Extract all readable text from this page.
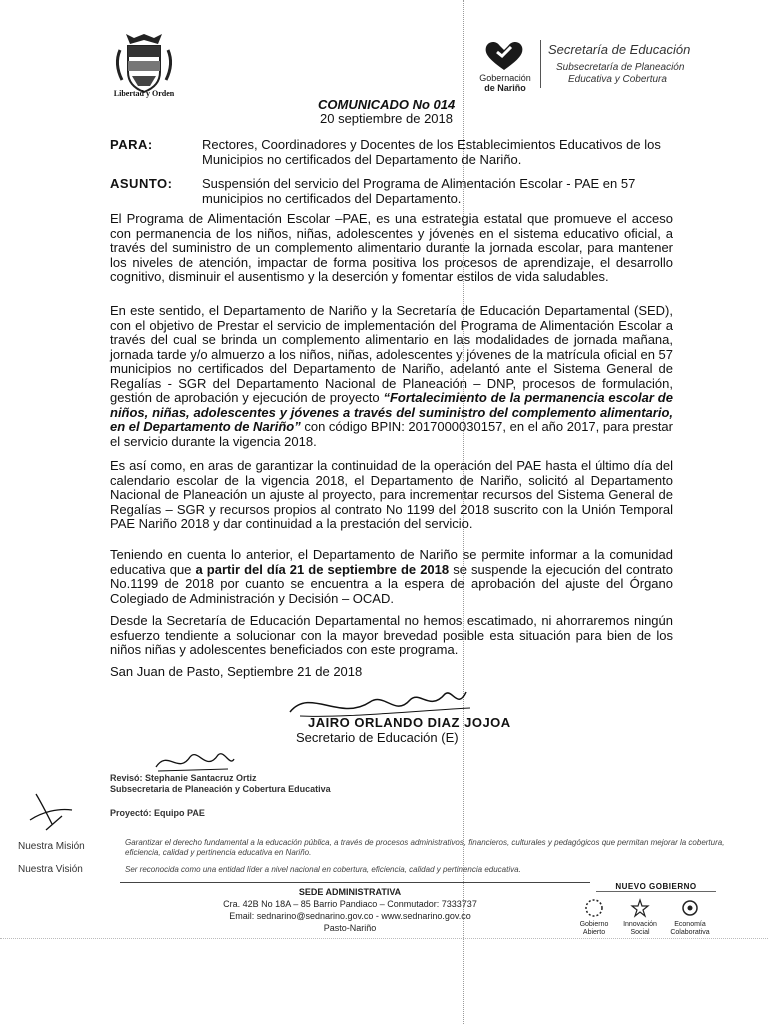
Libertad y Orden
Gobernación
de Nariño
Secretaría de Educación
Subsecretaría de Planeación
Educativa y Cobertura
COMUNICADO No 014
20 septiembre de 2018
PARA:	Rectores, Coordinadores y Docentes de los Establecimientos Educativos de los Municipios no certificados del Departamento de Nariño.
ASUNTO: Suspensión del servicio del Programa de Alimentación Escolar - PAE en 57 municipios no certificados del Departamento.
El Programa de Alimentación Escolar –PAE, es una estrategia estatal que promueve el acceso con permanencia de los niños, niñas, adolescentes y jóvenes en el sistema educativo oficial, a través del suministro de un complemento alimentario durante la jornada escolar, para mantener los niveles de atención, impactar de forma positiva los procesos de aprendizaje, el desarrollo cognitivo, disminuir el ausentismo y la deserción y fomentar estilos de vida saludables.
En este sentido, el Departamento de Nariño y la Secretaría de Educación Departamental (SED), con el objetivo de Prestar el servicio de implementación del Programa de Alimentación Escolar a través del cual se brinda un complemento alimentario en las modalidades de jornada mañana, jornada tarde y/o almuerzo a los niños, niñas, adolescentes y jóvenes de la matrícula oficial en 57 municipios no certificados del Departamento de Nariño, adelantó ante el Sistema General de Regalías - SGR del Departamento Nacional de Planeación – DNP, procesos de formulación, gestión de aprobación y ejecución de proyecto “Fortalecimiento de la permanencia escolar de niños, niñas, adolescentes y jóvenes a través del suministro del complemento alimentario, en el Departamento de Nariño” con código BPIN: 2017000030157, en el año 2017, para prestar el servicio durante la vigencia 2018.
Es así como, en aras de garantizar la continuidad de la operación del PAE hasta el último día del calendario escolar de la vigencia 2018, el Departamento de Nariño, solicitó al Departamento Nacional de Planeación un ajuste al proyecto, para incrementar recursos del Sistema General de Regalías – SGR y recursos propios al contrato No 1199 del 2018 suscrito con la Unión Temporal PAE Nariño 2018 y dar continuidad a la prestación del servicio.
Teniendo en cuenta lo anterior, el Departamento de Nariño se permite informar a la comunidad educativa que a partir del día 21 de septiembre de 2018 se suspende la ejecución del contrato No.1199 de 2018 por cuanto se encuentra a la espera de aprobación del ajuste del Órgano Colegiado de Administración y Decisión – OCAD.
Desde la Secretaría de Educación Departamental no hemos escatimado, ni ahorraremos ningún esfuerzo tendiente a solucionar con la mayor brevedad posible esta situación para bien de los niños niñas y adolescentes beneficiados con este programa.
San Juan de Pasto, Septiembre 21 de 2018
JAIRO ORLANDO DIAZ JOJOA
Secretario de Educación (E)
Revisó: Stephanie Santacruz Ortiz
Subsecretaria de Planeación y Cobertura Educativa
Proyectó: Equipo PAE
Nuestra Misión	Garantizar el derecho fundamental a la educación pública, a través de procesos administrativos, financieros, culturales y pedagógicos que permitan mejorar la cobertura, eficiencia, calidad y pertinencia educativa en Nariño.
Nuestra Visión	Ser reconocida como una entidad líder a nivel nacional en cobertura, eficiencia, calidad y pertinencia educativa.
SEDE ADMINISTRATIVA
Cra. 42B No 18A – 85 Barrio Pandiaco – Conmutador: 7333737
Email: sednarino@sednarino.gov.co - www.sednarino.gov.co
Pasto-Nariño
NUEVO GOBIERNO
Gobierno Abierto
Innovación Social
Economía Colaborativa
